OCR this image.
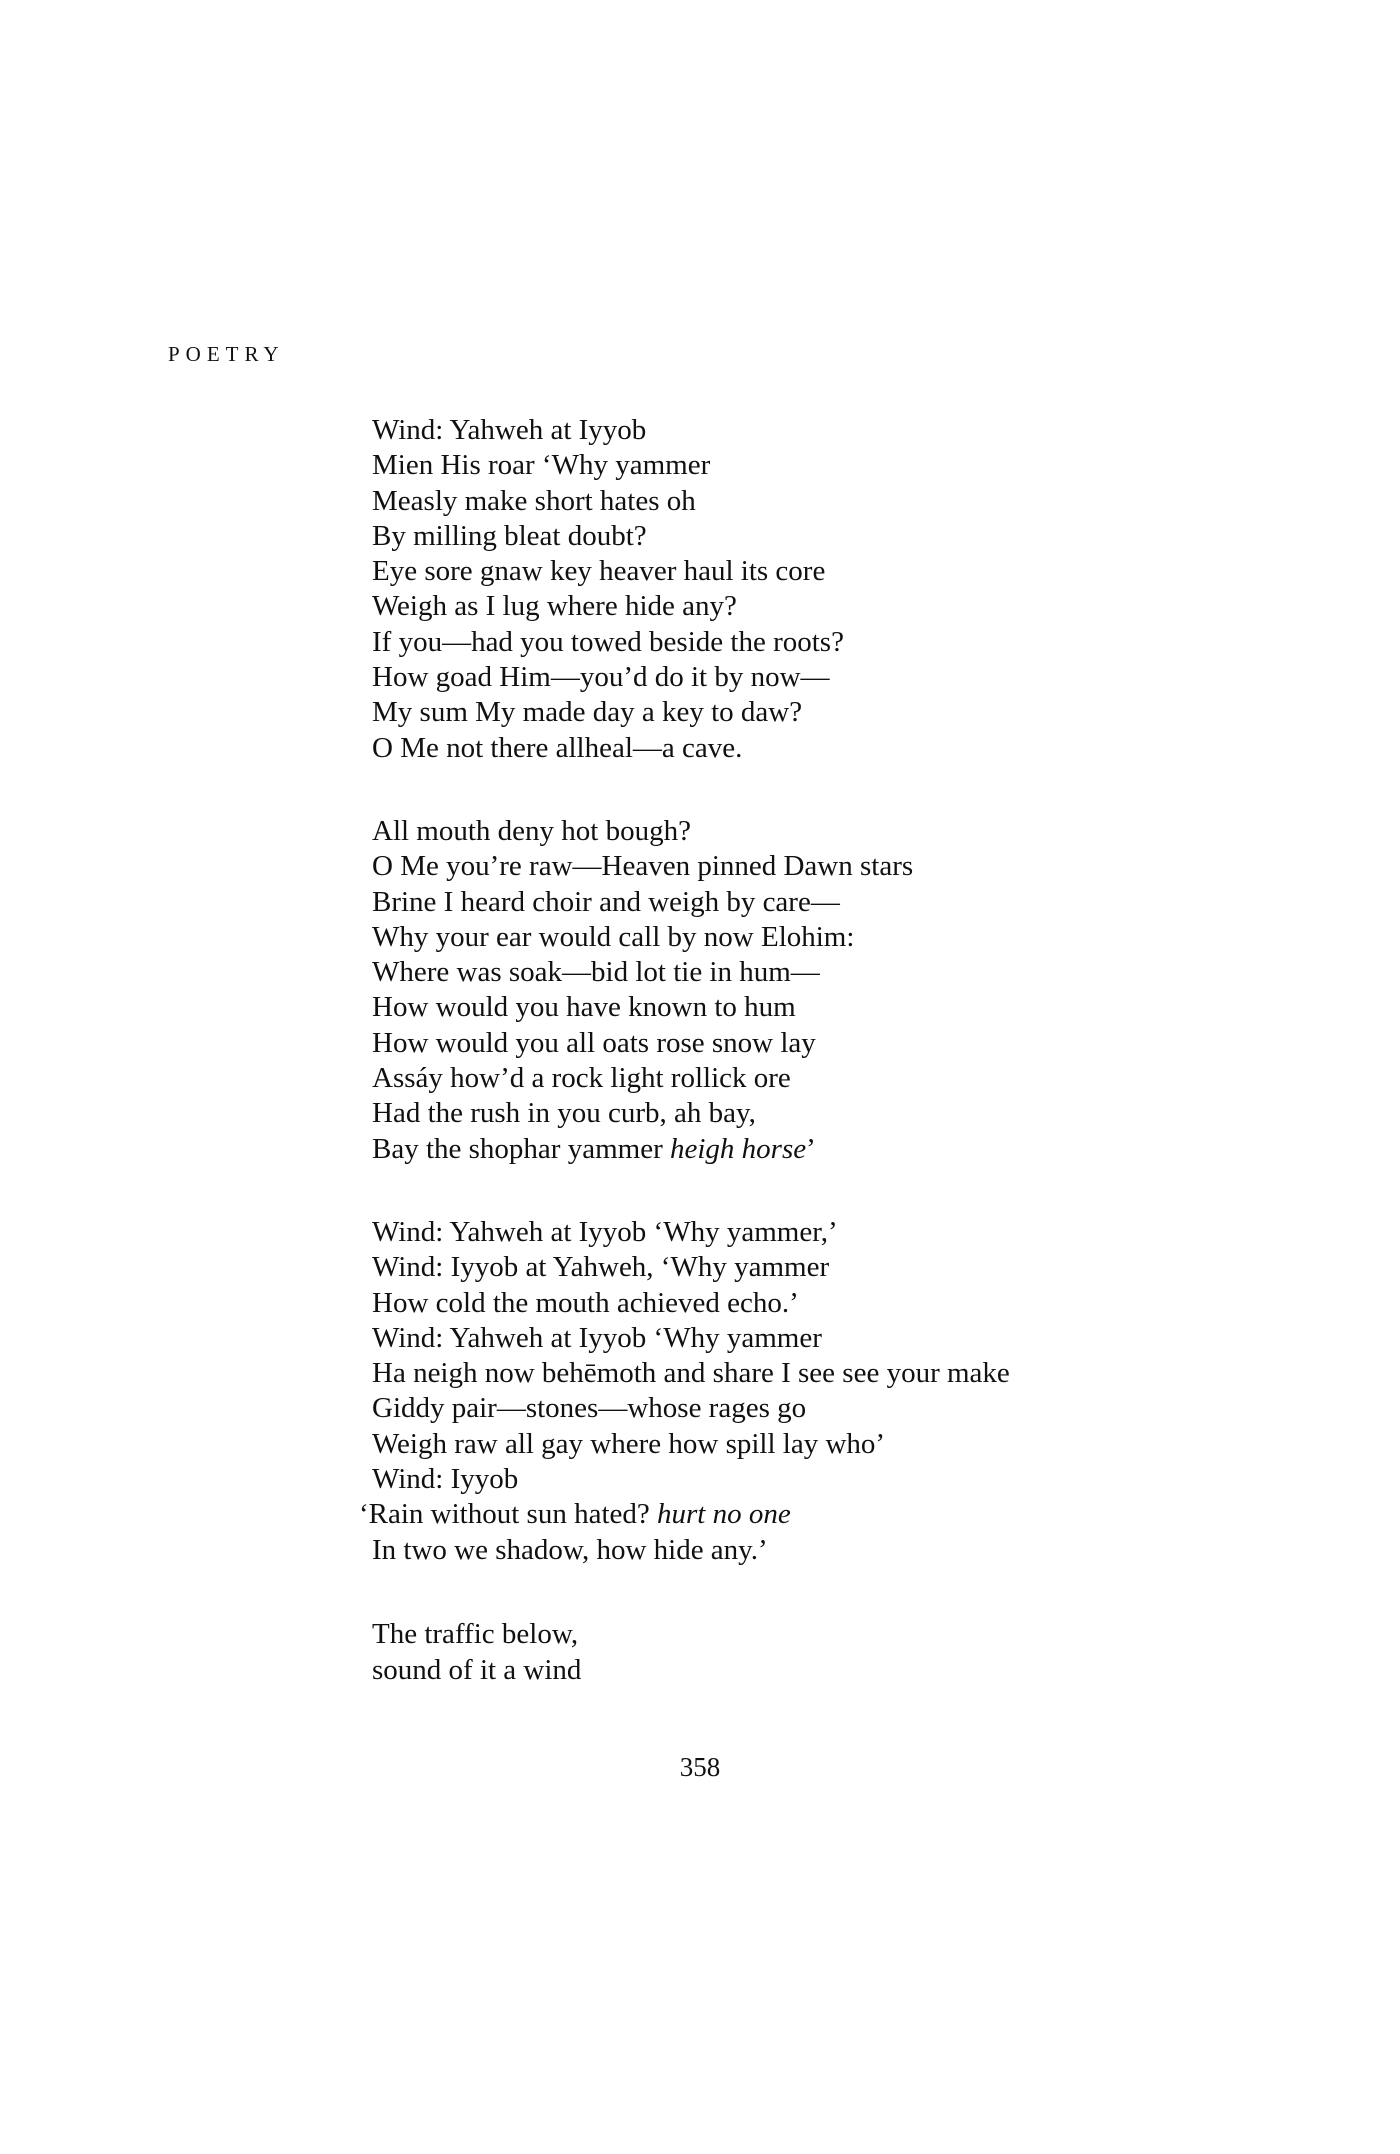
POETRY
Wind: Yahweh at Iyyob
Mien His roar ‘Why yammer
Measly make short hates oh
By milling bleat doubt?
Eye sore gnaw key heaver haul its core
Weigh as I lug where hide any?
If you—had you towed beside the roots?
How goad Him—you’d do it by now—
My sum My made day a key to daw?
O Me not there allheal—a cave.
All mouth deny hot bough?
O Me you’re raw—Heaven pinned Dawn stars
Brine I heard choir and weigh by care—
Why your ear would call by now Elohim:
Where was soak—bid lot tie in hum—
How would you have known to hum
How would you all oats rose snow lay
Assáy how’d a rock light rollick ore
Had the rush in you curb, ah bay,
Bay the shophar yammer heigh horse’
Wind: Yahweh at Iyyob ‘Why yammer,’
Wind: Iyyob at Yahweh, ‘Why yammer
How cold the mouth achieved echo.’
Wind: Yahweh at Iyyob ‘Why yammer
Ha neigh now behēmoth and share I see see your make
Giddy pair—stones—whose rages go
Weigh raw all gay where how spill lay who’
Wind: Iyyob
‘Rain without sun hated? hurt no one
In two we shadow, how hide any.’
The traffic below,
sound of it a wind
358
